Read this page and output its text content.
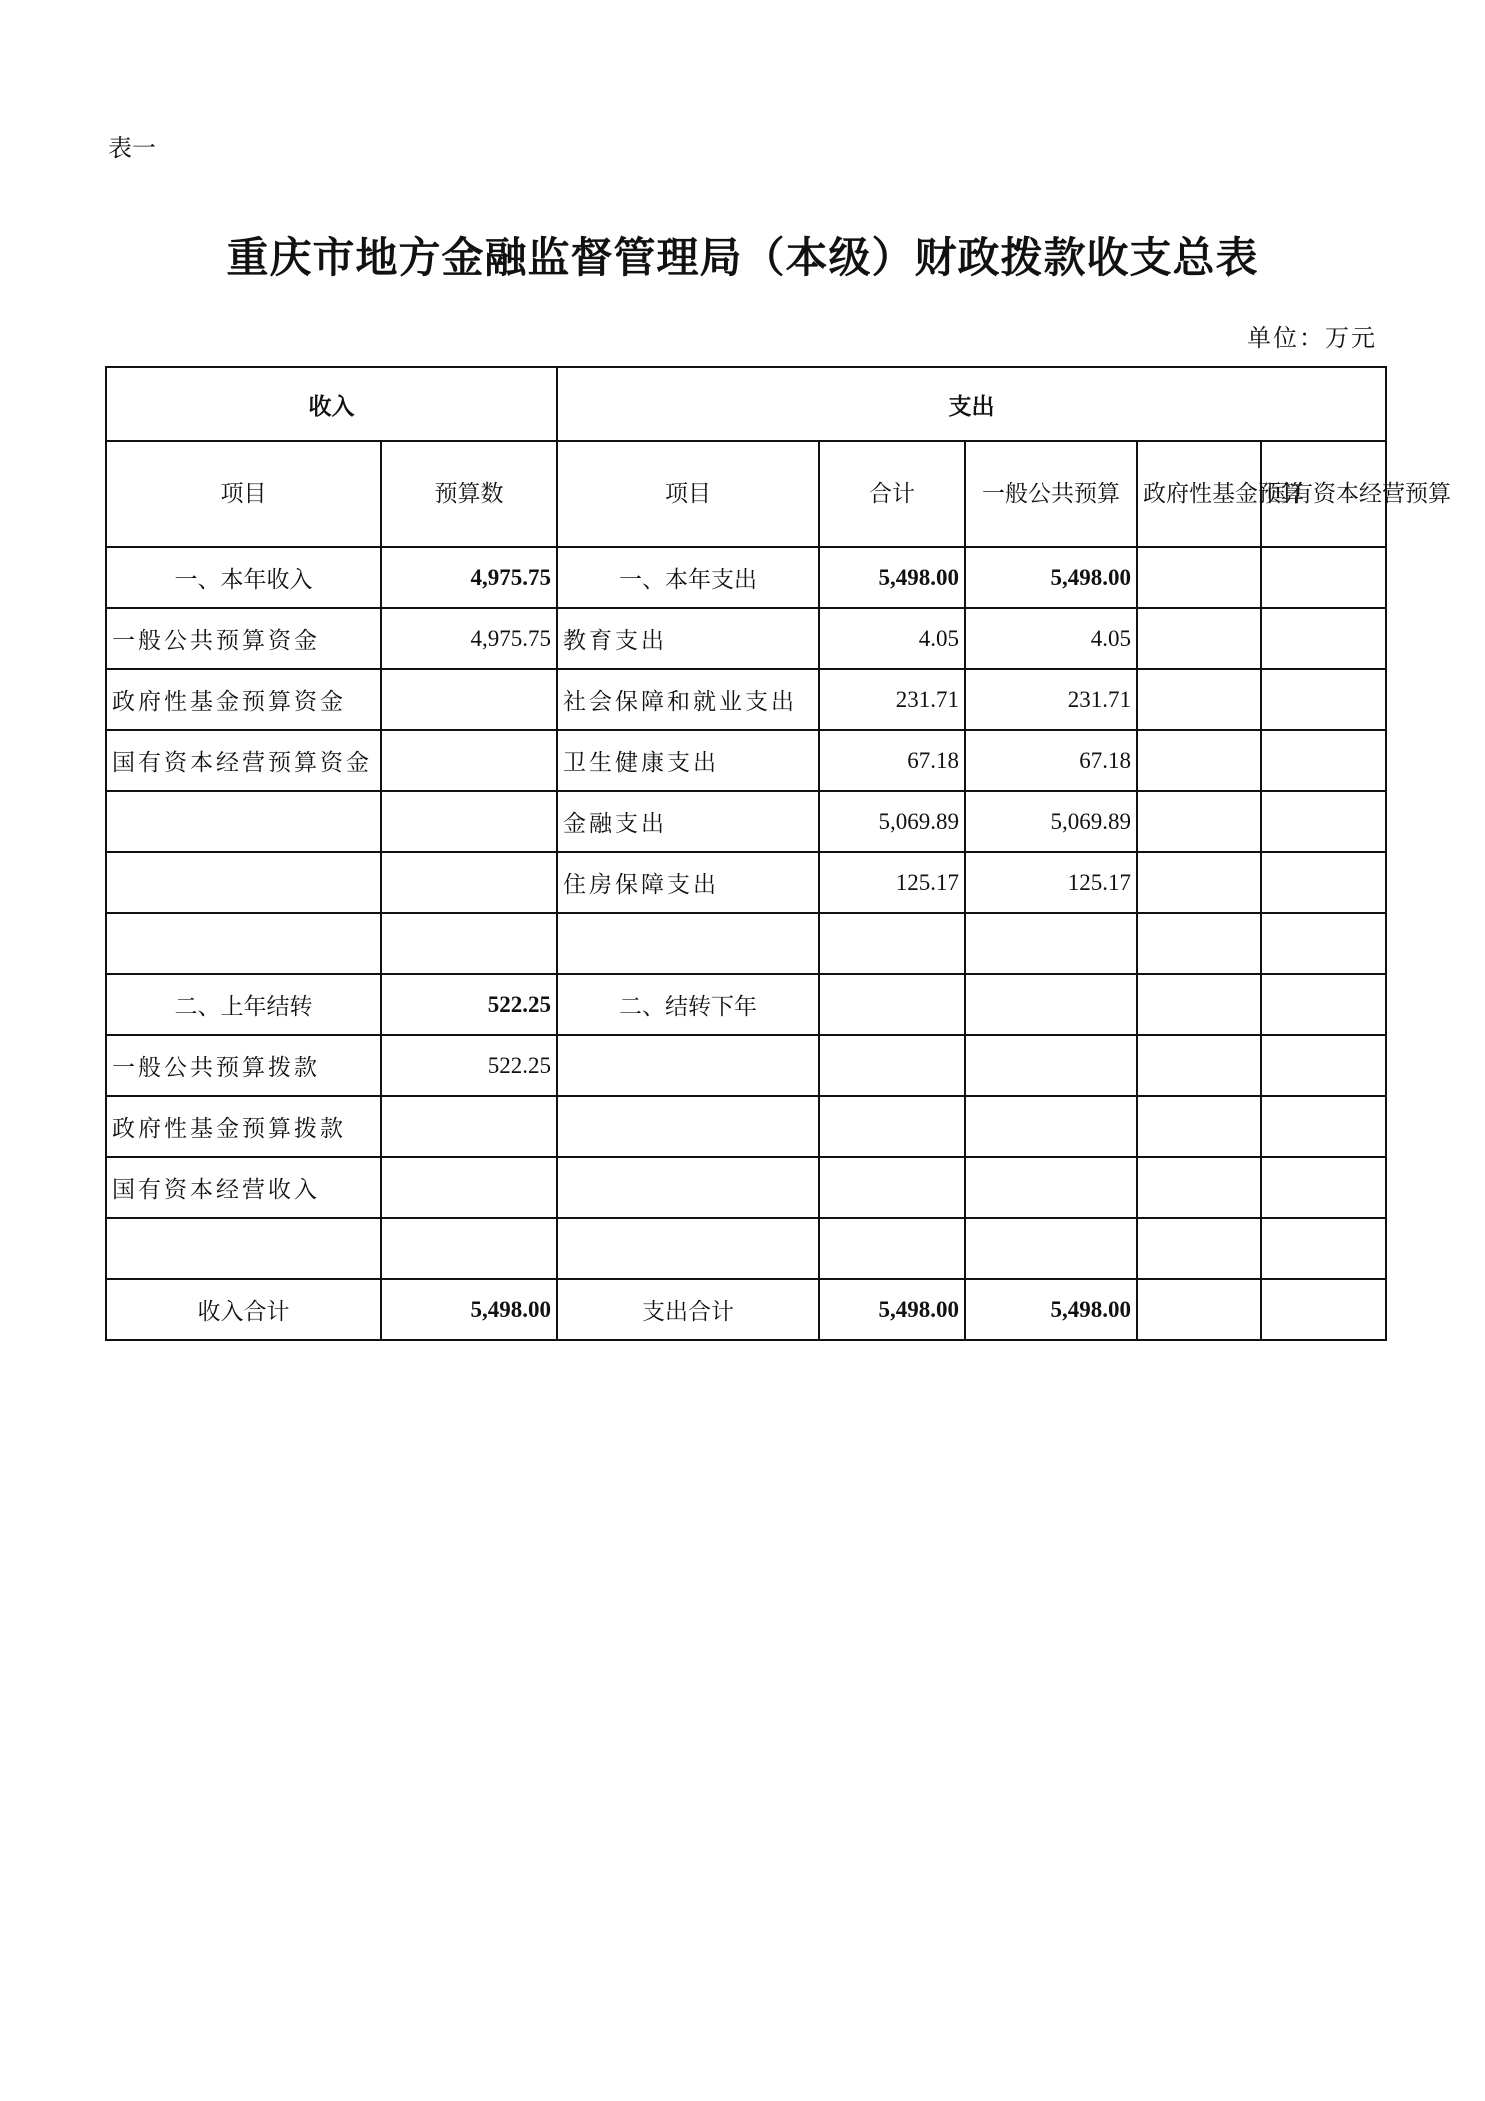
表一
重庆市地方金融监督管理局（本级）财政拨款收支总表
单位：万元
收入		支出				
项目	预算数	项目	合计	一般公共预算	政府性基金预算	国有资本经营预算
一、本年收入	4,975.75	一、本年支出	5,498.00	5,498.00		
一般公共预算资金	4,975.75	教育支出	4.05	4.05		
政府性基金预算资金		社会保障和就业支出	231.71	231.71		
国有资本经营预算资金		卫生健康支出	67.18	67.18		
		金融支出	5,069.89	5,069.89		
		住房保障支出	125.17	125.17		

二、上年结转	522.25	二、结转下年				
一般公共预算拨款	522.25					
政府性基金预算拨款						
国有资本经营收入						

收入合计	5,498.00	支出合计	5,498.00	5,498.00		
